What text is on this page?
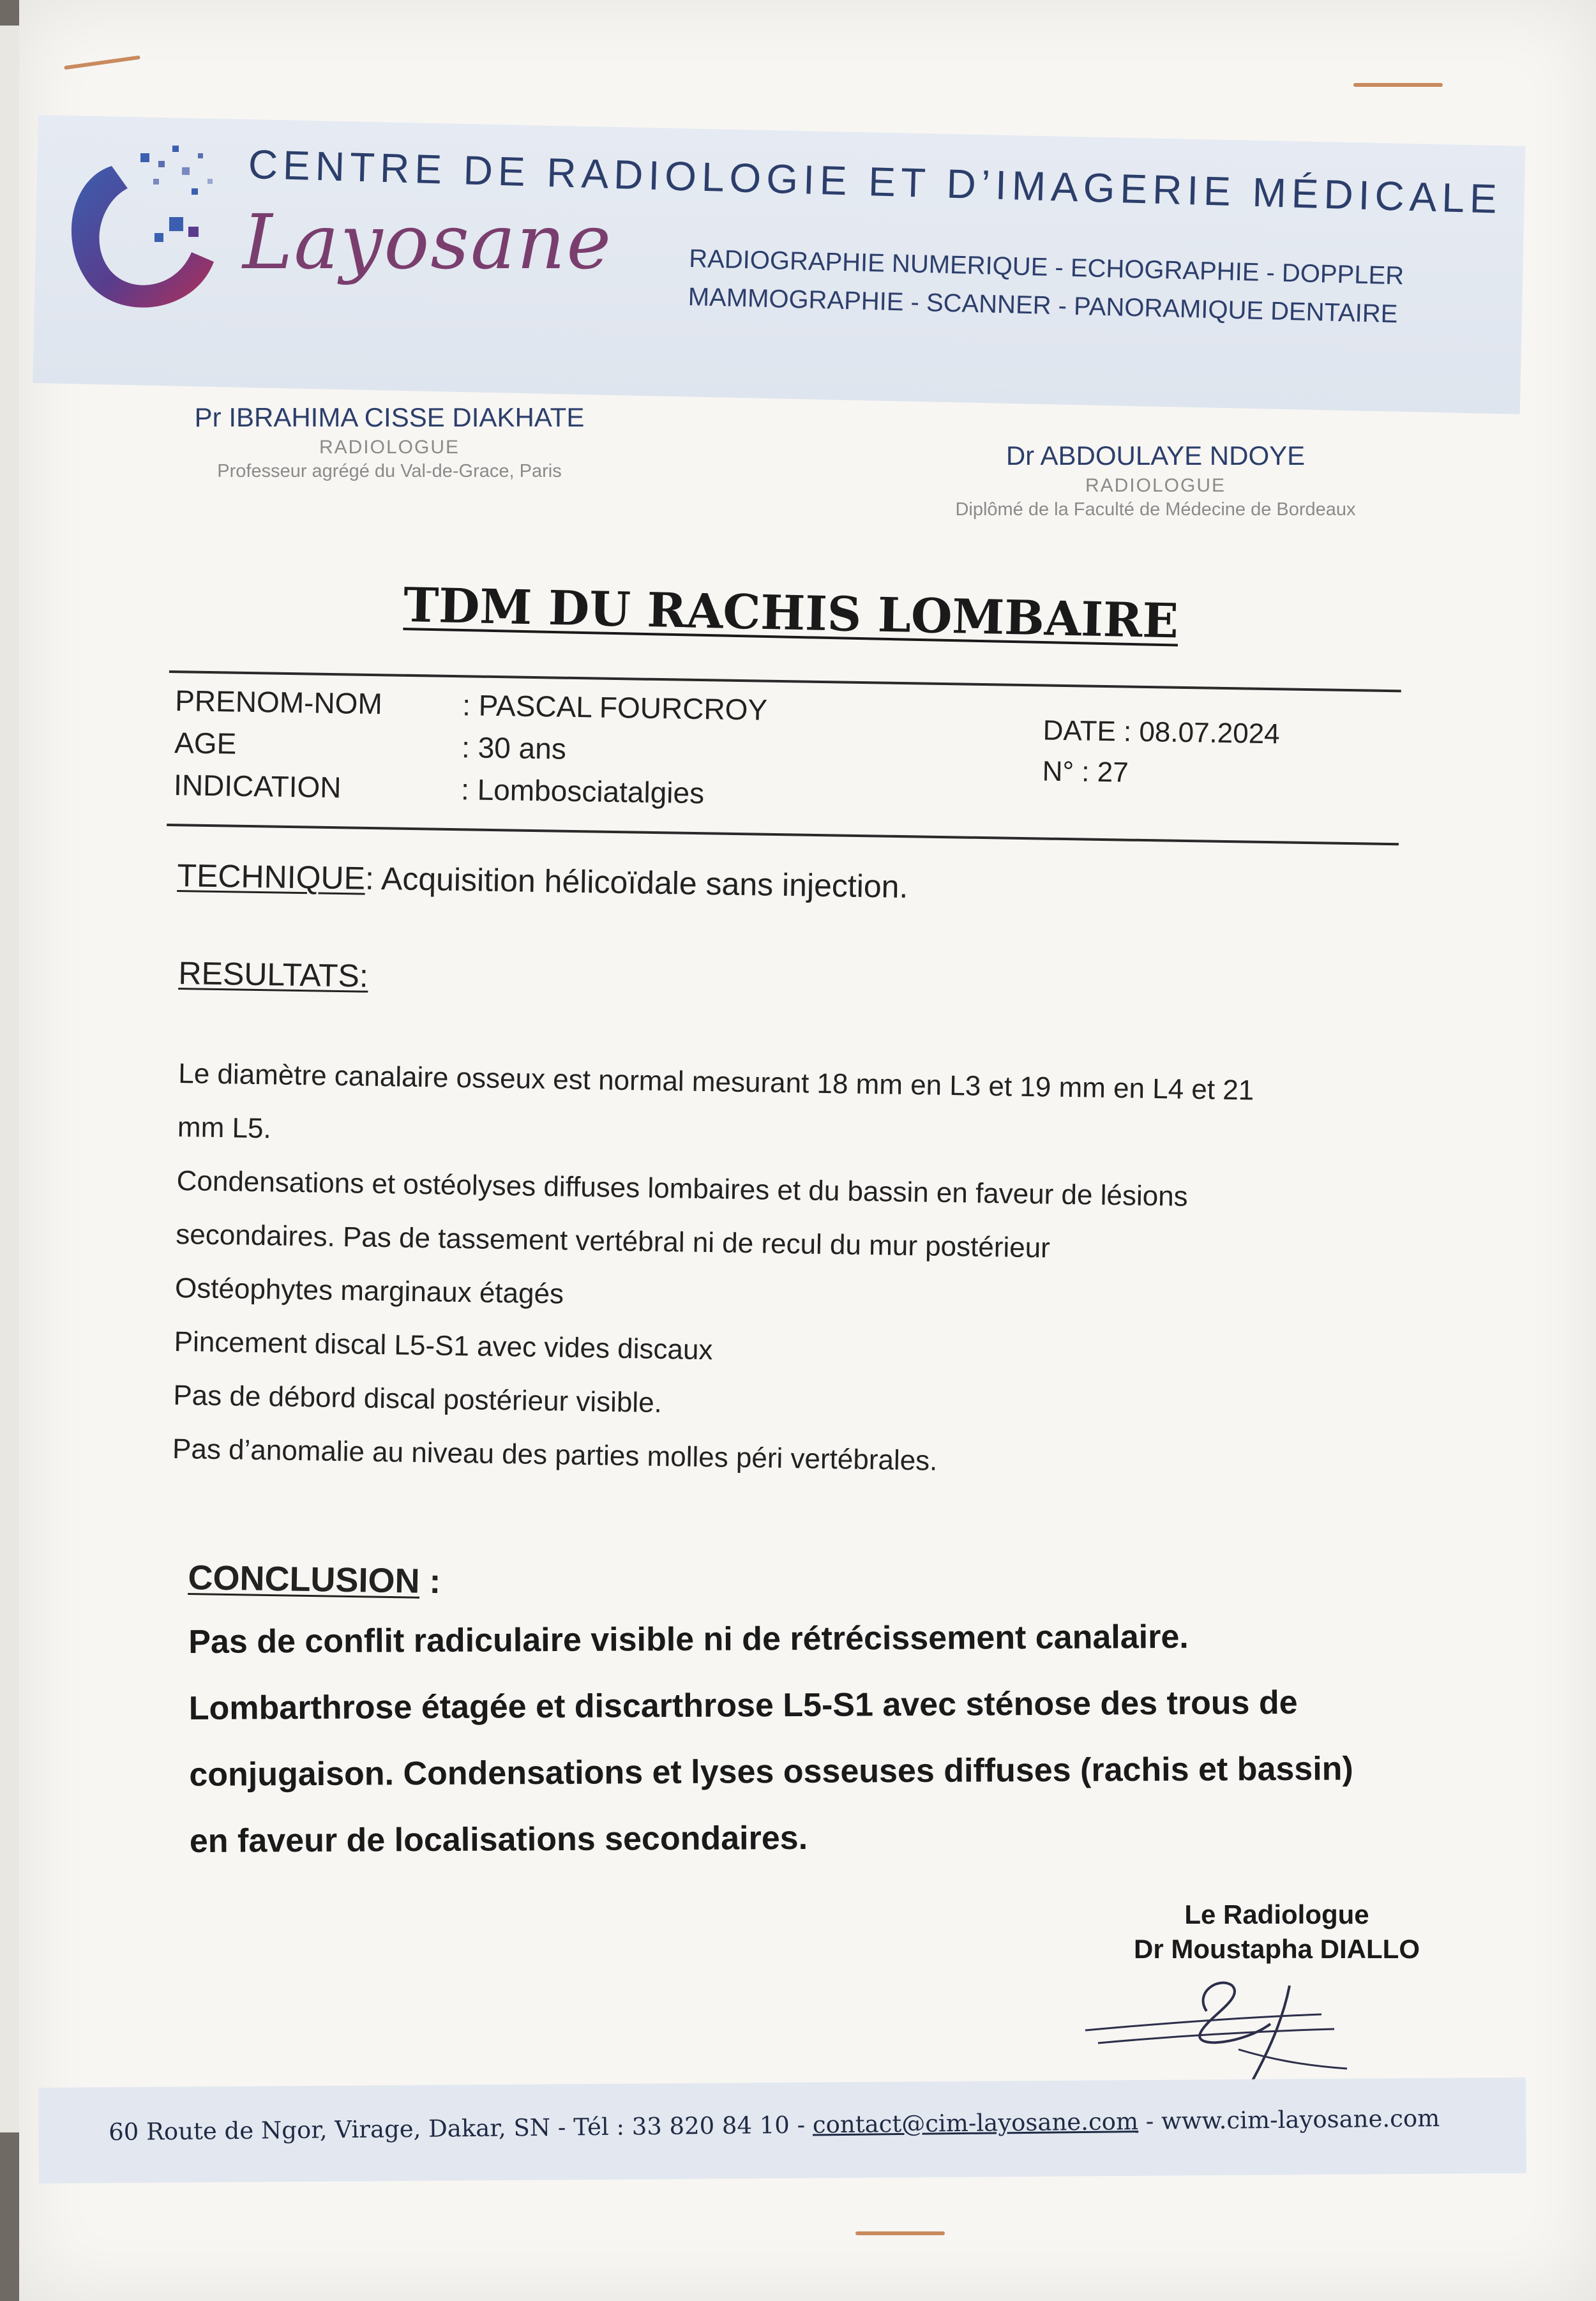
CENTRE DE RADIOLOGIE ET D’IMAGERIE MÉDICALE
Layosane	RADIOGRAPHIE NUMERIQUE - ECHOGRAPHIE - DOPPLER
MAMMOGRAPHIE - SCANNER - PANORAMIQUE DENTAIRE
Pr IBRAHIMA CISSE DIAKHATE
RADIOLOGUE
Professeur agrégé du Val-de-Grace, Paris
Dr ABDOULAYE NDOYE
RADIOLOGUE
Diplômé de la Faculté de Médecine de Bordeaux
TDM DU RACHIS LOMBAIRE
PRENOM-NOM	: PASCAL FOURCROY
AGE	: 30 ans
INDICATION	: Lombosciatalgies
DATE : 08.07.2024
N° : 27
TECHNIQUE: Acquisition hélicoïdale sans injection.
RESULTATS:

Le diamètre canalaire osseux est normal mesurant 18 mm en L3 et 19 mm en L4 et 21

mm L5.

Condensations et ostéolyses diffuses lombaires et du bassin en faveur de lésions

secondaires. Pas de tassement vertébral ni de recul du mur postérieur

Ostéophytes marginaux étagés

Pincement discal L5-S1 avec vides discaux

Pas de débord discal postérieur visible.

Pas d’anomalie au niveau des parties molles péri vertébrales.

CONCLUSION :

Pas de conflit radiculaire visible ni de rétrécissement canalaire.

Lombarthrose étagée et discarthrose L5-S1 avec sténose des trous de

conjugaison. Condensations et lyses osseuses diffuses (rachis et bassin)

en faveur de localisations secondaires.

Le Radiologue
Dr Moustapha DIALLO
60 Route de Ngor, Virage, Dakar, SN - Tél : 33 820 84 10 - contact@cim-layosane.com - www.cim-layosane.com
